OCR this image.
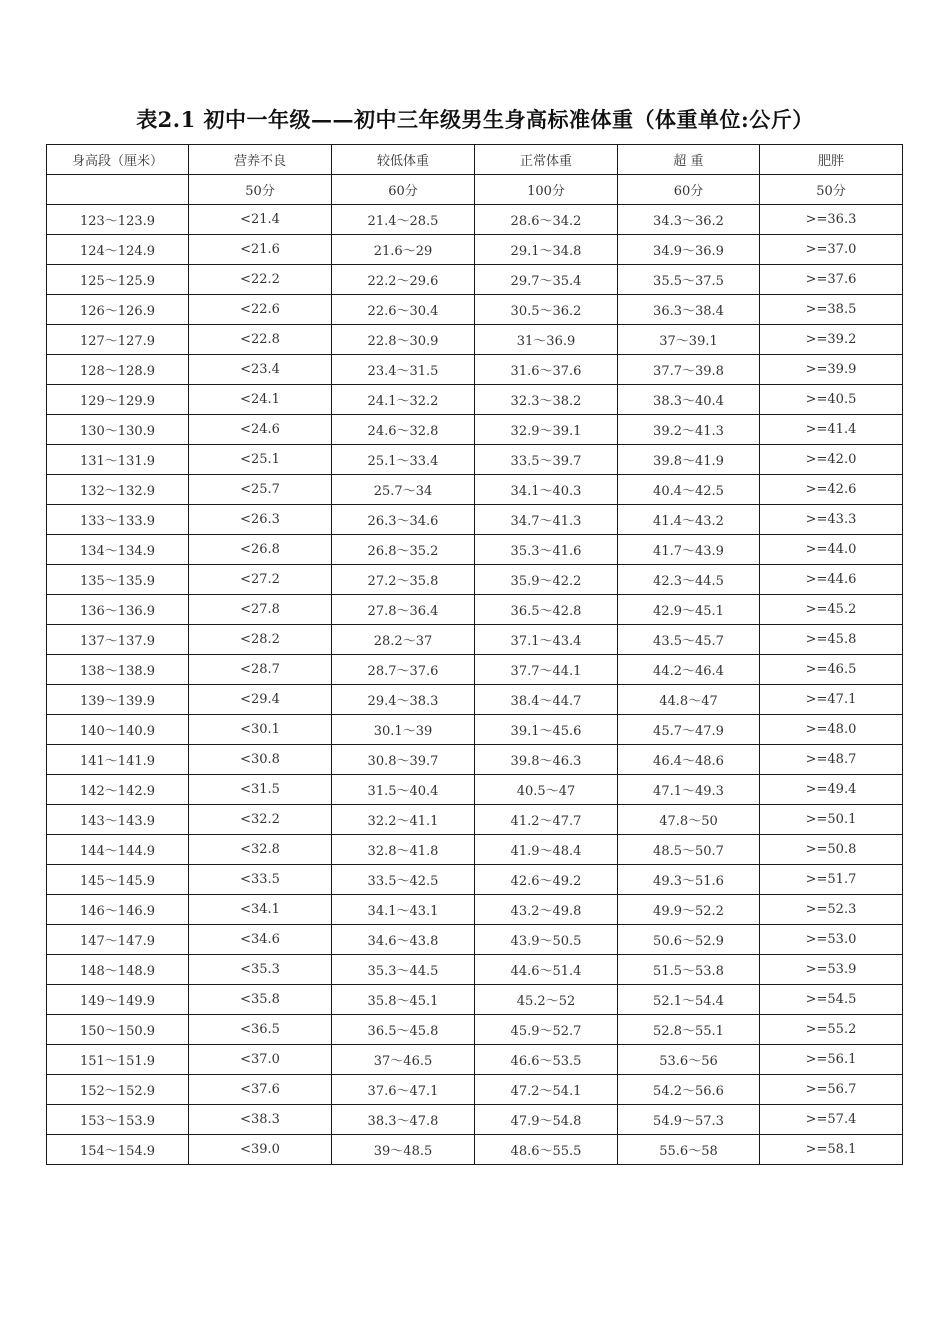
表2.1 初中一年级——初中三年级男生身高标准体重（体重单位:公斤）
身高段（厘米）	营养不良	较低体重	正常体重	超 重	肥胖
	50分	60分	100分	60分	50分
123～123.9	<21.4	21.4～28.5	28.6～34.2	34.3～36.2	>=36.3
124～124.9	<21.6	21.6～29	29.1～34.8	34.9～36.9	>=37.0
125～125.9	<22.2	22.2～29.6	29.7～35.4	35.5～37.5	>=37.6
126～126.9	<22.6	22.6～30.4	30.5～36.2	36.3～38.4	>=38.5
127～127.9	<22.8	22.8～30.9	31～36.9	37～39.1	>=39.2
128～128.9	<23.4	23.4～31.5	31.6～37.6	37.7～39.8	>=39.9
129～129.9	<24.1	24.1～32.2	32.3～38.2	38.3～40.4	>=40.5
130～130.9	<24.6	24.6～32.8	32.9～39.1	39.2～41.3	>=41.4
131～131.9	<25.1	25.1～33.4	33.5～39.7	39.8～41.9	>=42.0
132～132.9	<25.7	25.7～34	34.1～40.3	40.4～42.5	>=42.6
133～133.9	<26.3	26.3～34.6	34.7～41.3	41.4～43.2	>=43.3
134～134.9	<26.8	26.8～35.2	35.3～41.6	41.7～43.9	>=44.0
135～135.9	<27.2	27.2～35.8	35.9～42.2	42.3～44.5	>=44.6
136～136.9	<27.8	27.8～36.4	36.5～42.8	42.9～45.1	>=45.2
137～137.9	<28.2	28.2～37	37.1～43.4	43.5～45.7	>=45.8
138～138.9	<28.7	28.7～37.6	37.7～44.1	44.2～46.4	>=46.5
139～139.9	<29.4	29.4～38.3	38.4～44.7	44.8～47	>=47.1
140～140.9	<30.1	30.1～39	39.1～45.6	45.7～47.9	>=48.0
141～141.9	<30.8	30.8～39.7	39.8～46.3	46.4～48.6	>=48.7
142～142.9	<31.5	31.5～40.4	40.5～47	47.1～49.3	>=49.4
143～143.9	<32.2	32.2～41.1	41.2～47.7	47.8～50	>=50.1
144～144.9	<32.8	32.8～41.8	41.9～48.4	48.5～50.7	>=50.8
145～145.9	<33.5	33.5～42.5	42.6～49.2	49.3～51.6	>=51.7
146～146.9	<34.1	34.1～43.1	43.2～49.8	49.9～52.2	>=52.3
147～147.9	<34.6	34.6～43.8	43.9～50.5	50.6～52.9	>=53.0
148～148.9	<35.3	35.3～44.5	44.6～51.4	51.5～53.8	>=53.9
149～149.9	<35.8	35.8～45.1	45.2～52	52.1～54.4	>=54.5
150～150.9	<36.5	36.5～45.8	45.9～52.7	52.8～55.1	>=55.2
151～151.9	<37.0	37～46.5	46.6～53.5	53.6～56	>=56.1
152～152.9	<37.6	37.6～47.1	47.2～54.1	54.2～56.6	>=56.7
153～153.9	<38.3	38.3～47.8	47.9～54.8	54.9～57.3	>=57.4
154～154.9	<39.0	39～48.5	48.6～55.5	55.6～58	>=58.1
